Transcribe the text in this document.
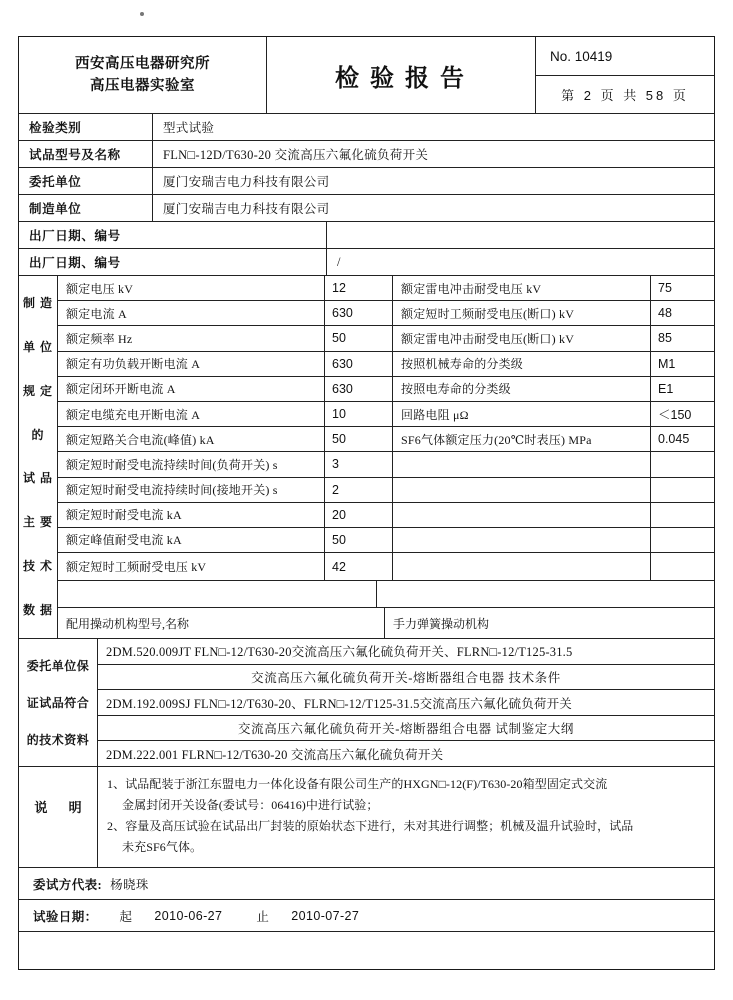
西安高压电器研究所
高压电器实验室	检验报告
No. 10419
第 2 页 共 58 页
检验类别	型式试验
试品型号及名称	FLN□-12D/T630-20 交流高压六氟化硫负荷开关
委托单位	厦门安瑞吉电力科技有限公司
制造单位	厦门安瑞吉电力科技有限公司
出厂日期、编号
出厂日期、编号	/
制 造
单 位
规 定
的
试 品
主 要
技 术
数 据
额定电压 kV	12	额定雷电冲击耐受电压 kV	75
额定电流 A	630	额定短时工频耐受电压(断口) kV	48
额定频率 Hz	50	额定雷电冲击耐受电压(断口) kV	85
额定有功负载开断电流 A	630	按照机械寿命的分类级	M1
额定闭环开断电流 A	630	按照电寿命的分类级	E1
额定电缆充电开断电流 A	10	回路电阻 μΩ	＜150
额定短路关合电流(峰值) kA	50	SF6气体额定压力(20℃时表压) MPa	0.045
额定短时耐受电流持续时间(负荷开关) s	3
额定短时耐受电流持续时间(接地开关) s	2
额定短时耐受电流 kA	20
额定峰值耐受电流 kA	50
额定短时工频耐受电压 kV	42
配用操动机构型号,名称	手力弹簧操动机构
委托单位保
证试品符合
的技术资料
2DM.520.009JT FLN□-12/T630-20交流高压六氟化硫负荷开关、FLRN□-12/T125-31.5
交流高压六氟化硫负荷开关-熔断器组合电器 技术条件
2DM.192.009SJ FLN□-12/T630-20、FLRN□-12/T125-31.5交流高压六氟化硫负荷开关
交流高压六氟化硫负荷开关-熔断器组合电器 试制鉴定大纲
2DM.222.001 FLRN□-12/T630-20 交流高压六氟化硫负荷开关
说 明
1、试品配装于浙江东盟电力一体化设备有限公司生产的HXGN□-12(F)/T630-20箱型固定式交流
金属封闭开关设备(委试号：06416)中进行试验；
2、容量及高压试验在试品出厂封装的原始状态下进行，未对其进行调整；机械及温升试验时，试品
未充SF6气体。
委试方代表: 杨晓珠
试验日期： 起 2010-06-27	止 2010-07-27
